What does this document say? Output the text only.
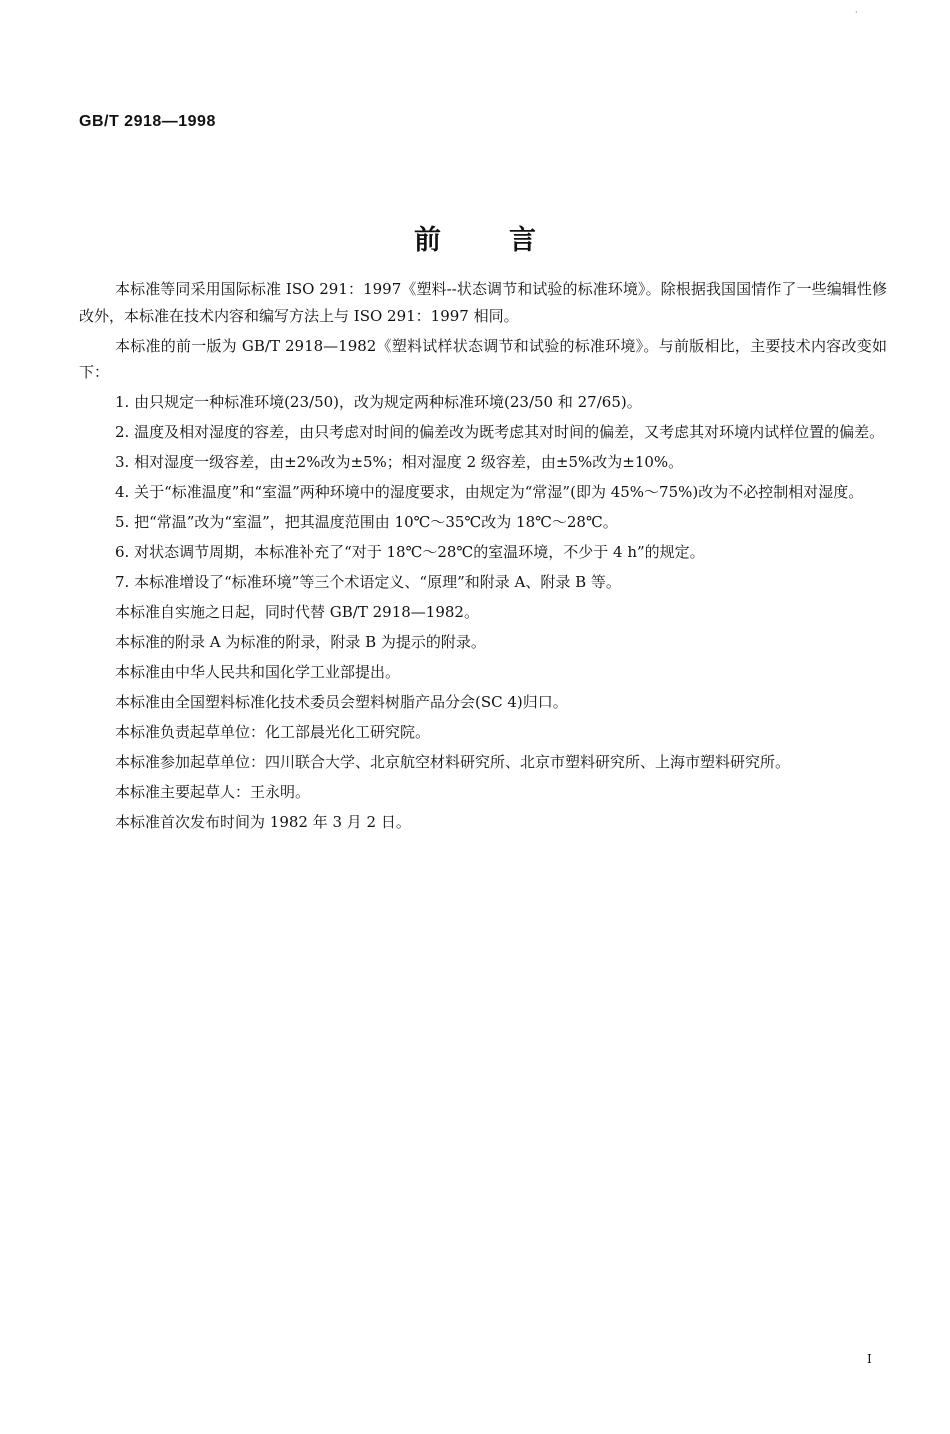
·
GB/T 2918—1998
前言

本标准等同采用国际标准 ISO 291：1997《塑料--状态调节和试验的标准环境》。除根据我国国情作了一些编辑性修改外，本标准在技术内容和编写方法上与 ISO 291：1997 相同。

本标准的前一版为 GB/T 2918—1982《塑料试样状态调节和试验的标准环境》。与前版相比，主要技术内容改变如下：

1. 由只规定一种标准环境(23/50)，改为规定两种标准环境(23/50 和 27/65)。

2. 温度及相对湿度的容差，由只考虑对时间的偏差改为既考虑其对时间的偏差，又考虑其对环境内试样位置的偏差。

3. 相对湿度一级容差，由±2%改为±5%；相对湿度 2 级容差，由±5%改为±10%。

4. 关于“标准温度”和“室温”两种环境中的湿度要求，由规定为“常湿”(即为 45%～75%)改为不必控制相对湿度。

5. 把“常温”改为“室温”，把其温度范围由 10℃～35℃改为 18℃～28℃。

6. 对状态调节周期，本标准补充了“对于 18℃～28℃的室温环境，不少于 4 h”的规定。

7. 本标准增设了“标准环境”等三个术语定义、“原理”和附录 A、附录 B 等。

本标准自实施之日起，同时代替 GB/T 2918—1982。

本标准的附录 A 为标准的附录，附录 B 为提示的附录。

本标准由中华人民共和国化学工业部提出。

本标准由全国塑料标准化技术委员会塑料树脂产品分会(SC 4)归口。

本标准负责起草单位：化工部晨光化工研究院。

本标准参加起草单位：四川联合大学、北京航空材料研究所、北京市塑料研究所、上海市塑料研究所。

本标准主要起草人：王永明。

本标准首次发布时间为 1982 年 3 月 2 日。

I
